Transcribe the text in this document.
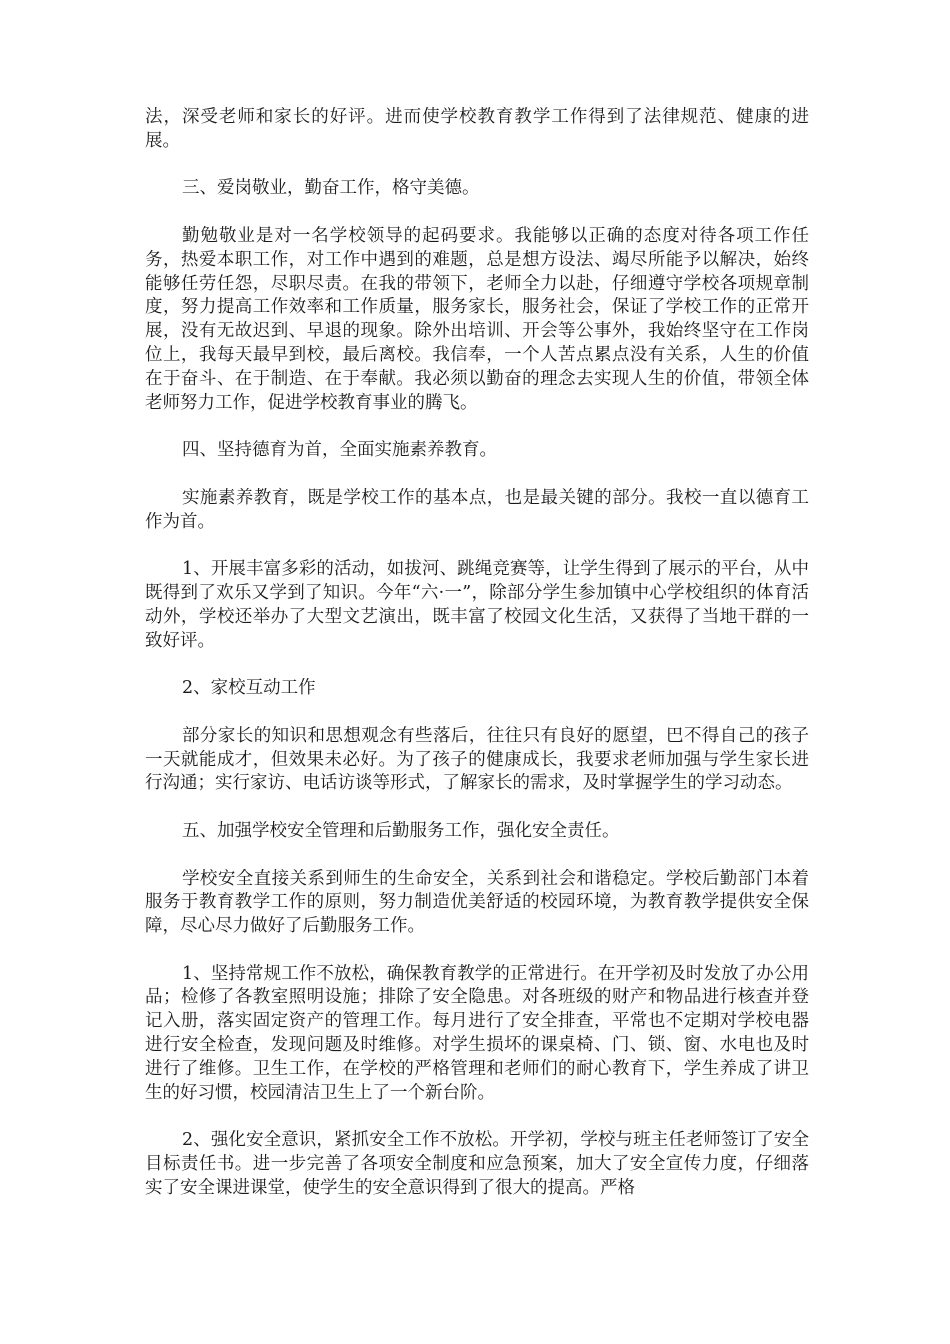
法，深受老师和家长的好评。进而使学校教育教学工作得到了法律规范、健康的进展。

三、爱岗敬业，勤奋工作，格守美德。

勤勉敬业是对一名学校领导的起码要求。我能够以正确的态度对待各项工作任务，热爱本职工作，对工作中遇到的难题，总是想方设法、竭尽所能予以解决，始终能够任劳任怨，尽职尽责。在我的带领下，老师全力以赴，仔细遵守学校各项规章制度，努力提高工作效率和工作质量，服务家长，服务社会，保证了学校工作的正常开展，没有无故迟到、早退的现象。除外出培训、开会等公事外，我始终坚守在工作岗位上，我每天最早到校，最后离校。我信奉，一个人苦点累点没有关系，人生的价值在于奋斗、在于制造、在于奉献。我必须以勤奋的理念去实现人生的价值，带领全体老师努力工作，促进学校教育事业的腾飞。

四、坚持德育为首，全面实施素养教育。

实施素养教育，既是学校工作的基本点，也是最关键的部分。我校一直以德育工作为首。

1、开展丰富多彩的活动，如拔河、跳绳竞赛等，让学生得到了展示的平台，从中既得到了欢乐又学到了知识。今年“六·一”，除部分学生参加镇中心学校组织的体育活动外，学校还举办了大型文艺演出，既丰富了校园文化生活，又获得了当地干群的一致好评。

2、家校互动工作

部分家长的知识和思想观念有些落后，往往只有良好的愿望，巴不得自己的孩子一天就能成才，但效果未必好。为了孩子的健康成长，我要求老师加强与学生家长进行沟通；实行家访、电话访谈等形式，了解家长的需求，及时掌握学生的学习动态。

五、加强学校安全管理和后勤服务工作，强化安全责任。

学校安全直接关系到师生的生命安全，关系到社会和谐稳定。学校后勤部门本着服务于教育教学工作的原则，努力制造优美舒适的校园环境，为教育教学提供安全保障，尽心尽力做好了后勤服务工作。

1、坚持常规工作不放松，确保教育教学的正常进行。在开学初及时发放了办公用品；检修了各教室照明设施；排除了安全隐患。对各班级的财产和物品进行核查并登记入册，落实固定资产的管理工作。每月进行了安全排查，平常也不定期对学校电器进行安全检查，发现问题及时维修。对学生损坏的课桌椅、门、锁、窗、水电也及时进行了维修。卫生工作，在学校的严格管理和老师们的耐心教育下，学生养成了讲卫生的好习惯，校园清洁卫生上了一个新台阶。

2、强化安全意识，紧抓安全工作不放松。开学初，学校与班主任老师签订了安全目标责任书。进一步完善了各项安全制度和应急预案，加大了安全宣传力度，仔细落实了安全课进课堂，使学生的安全意识得到了很大的提高。严格
